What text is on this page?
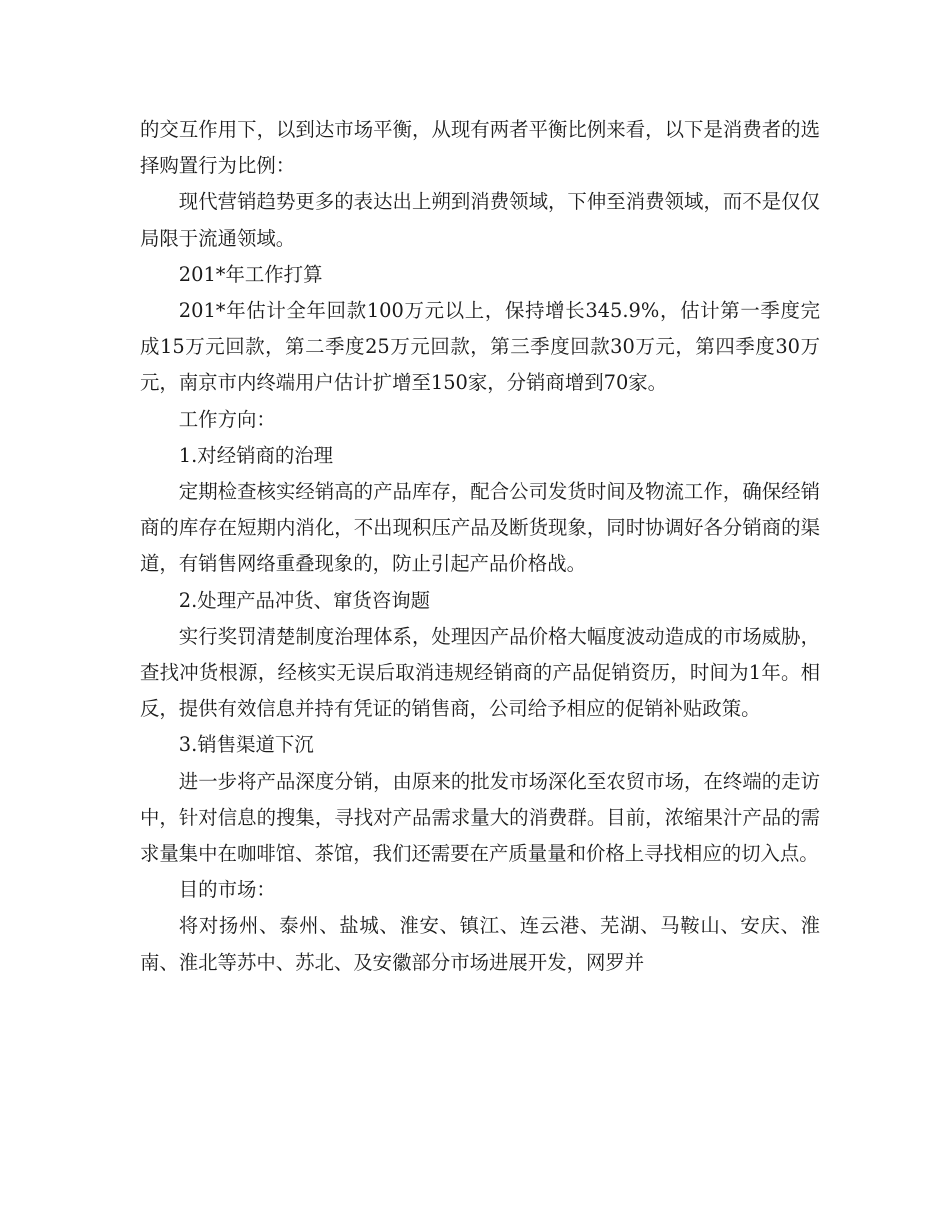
的交互作用下，以到达市场平衡，从现有两者平衡比例来看，以下是消费者的选择购置行为比例：

现代营销趋势更多的表达出上朔到消费领域，下伸至消费领域，而不是仅仅局限于流通领域。

201*年工作打算

201*年估计全年回款100万元以上，保持增长345.9%，估计第一季度完成15万元回款，第二季度25万元回款，第三季度回款30万元，第四季度30万元，南京市内终端用户估计扩增至150家，分销商增到70家。

工作方向：

1.对经销商的治理

定期检查核实经销高的产品库存，配合公司发货时间及物流工作，确保经销商的库存在短期内消化，不出现积压产品及断货现象，同时协调好各分销商的渠道，有销售网络重叠现象的，防止引起产品价格战。

2.处理产品冲货、窜货咨询题

实行奖罚清楚制度治理体系，处理因产品价格大幅度波动造成的市场威胁，查找冲货根源，经核实无误后取消违规经销商的产品促销资历，时间为1年。相反，提供有效信息并持有凭证的销售商，公司给予相应的促销补贴政策。

3.销售渠道下沉

进一步将产品深度分销，由原来的批发市场深化至农贸市场，在终端的走访中，针对信息的搜集，寻找对产品需求量大的消费群。目前，浓缩果汁产品的需求量集中在咖啡馆、茶馆，我们还需要在产质量量和价格上寻找相应的切入点。

目的市场：

将对扬州、泰州、盐城、淮安、镇江、连云港、芜湖、马鞍山、安庆、淮南、淮北等苏中、苏北、及安徽部分市场进展开发，网罗并
